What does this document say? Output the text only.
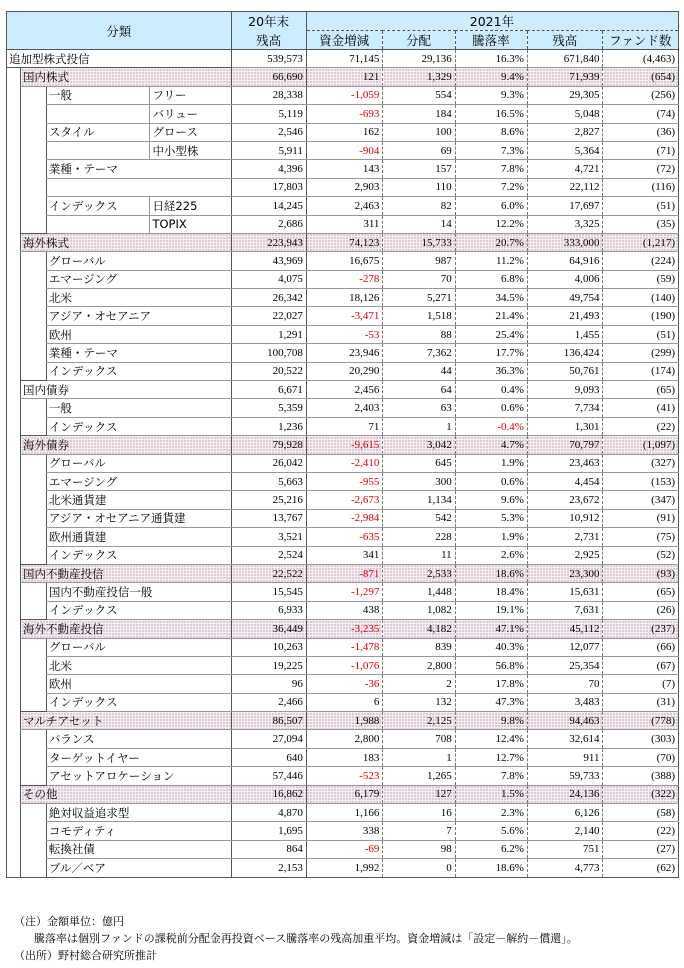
分類				20年末	2021年				
				残高	資金増減	分配	騰落率	残高	ファンド数
追加型株式投信				539,573	71,145	29,136	16.3%	671,840	(4,463)
	国内株式			66,690	121	1,329	9.4%	71,939	(654)
		一般	フリー	28,338	-1,059	554	9.3%	29,305	(256)
			バリュー	5,119	-693	184	16.5%	5,048	(74)
		スタイル	グロース	2,546	162	100	8.6%	2,827	(36)
			中小型株	5,911	-904	69	7.3%	5,364	(71)
		業種・テーマ		4,396	143	157	7.8%	4,721	(72)
				17,803	2,903	110	7.2%	22,112	(116)
		インデックス	日経225	14,245	2,463	82	6.0%	17,697	(51)
			TOPIX	2,686	311	14	12.2%	3,325	(35)
	海外株式			223,943	74,123	15,733	20.7%	333,000	(1,217)
		グローバル		43,969	16,675	987	11.2%	64,916	(224)
		エマージング		4,075	-278	70	6.8%	4,006	(59)
		北米		26,342	18,126	5,271	34.5%	49,754	(140)
		アジア・オセアニア		22,027	-3,471	1,518	21.4%	21,493	(190)
		欧州		1,291	-53	88	25.4%	1,455	(51)
		業種・テーマ		100,708	23,946	7,362	17.7%	136,424	(299)
		インデックス		20,522	20,290	44	36.3%	50,761	(174)
	国内債券			6,671	2,456	64	0.4%	9,093	(65)
		一般		5,359	2,403	63	0.6%	7,734	(41)
		インデックス		1,236	71	1	-0.4%	1,301	(22)
	海外債券			79,928	-9,615	3,042	4.7%	70,797	(1,097)
		グローバル		26,042	-2,410	645	1.9%	23,463	(327)
		エマージング		5,663	-955	300	0.6%	4,454	(153)
		北米通貨建		25,216	-2,673	1,134	9.6%	23,672	(347)
		アジア・オセアニア通貨建		13,767	-2,984	542	5.3%	10,912	(91)
		欧州通貨建		3,521	-635	228	1.9%	2,731	(75)
		インデックス		2,524	341	11	2.6%	2,925	(52)
	国内不動産投信			22,522	-871	2,533	18.6%	23,300	(93)
		国内不動産投信一般		15,545	-1,297	1,448	18.4%	15,631	(65)
		インデックス		6,933	438	1,082	19.1%	7,631	(26)
	海外不動産投信			36,449	-3,235	4,182	47.1%	45,112	(237)
		グローバル		10,263	-1,478	839	40.3%	12,077	(66)
		北米		19,225	-1,076	2,800	56.8%	25,354	(67)
		欧州		96	-36	2	17.8%	70	(7)
		インデックス		2,466	6	132	47.3%	3,483	(31)
	マルチアセット			86,507	1,988	2,125	9.8%	94,463	(778)
		バランス		27,094	2,800	708	12.4%	32,614	(303)
		ターゲットイヤー		640	183	1	12.7%	911	(70)
		アセットアロケーション		57,446	-523	1,265	7.8%	59,733	(388)
	その他			16,862	6,179	127	1.5%	24,136	(322)
		絶対収益追求型		4,870	1,166	16	2.3%	6,126	(58)
		コモディティ		1,695	338	7	5.6%	2,140	(22)
		転換社債		864	-69	98	6.2%	751	(27)
		ブル／ベア		2,153	1,992	0	18.6%	4,773	(62)
（注）金額単位：億円
騰落率は個別ファンドの課税前分配金再投資ベース騰落率の残高加重平均。資金増減は「設定－解約－償還」。
（出所）野村総合研究所推計
